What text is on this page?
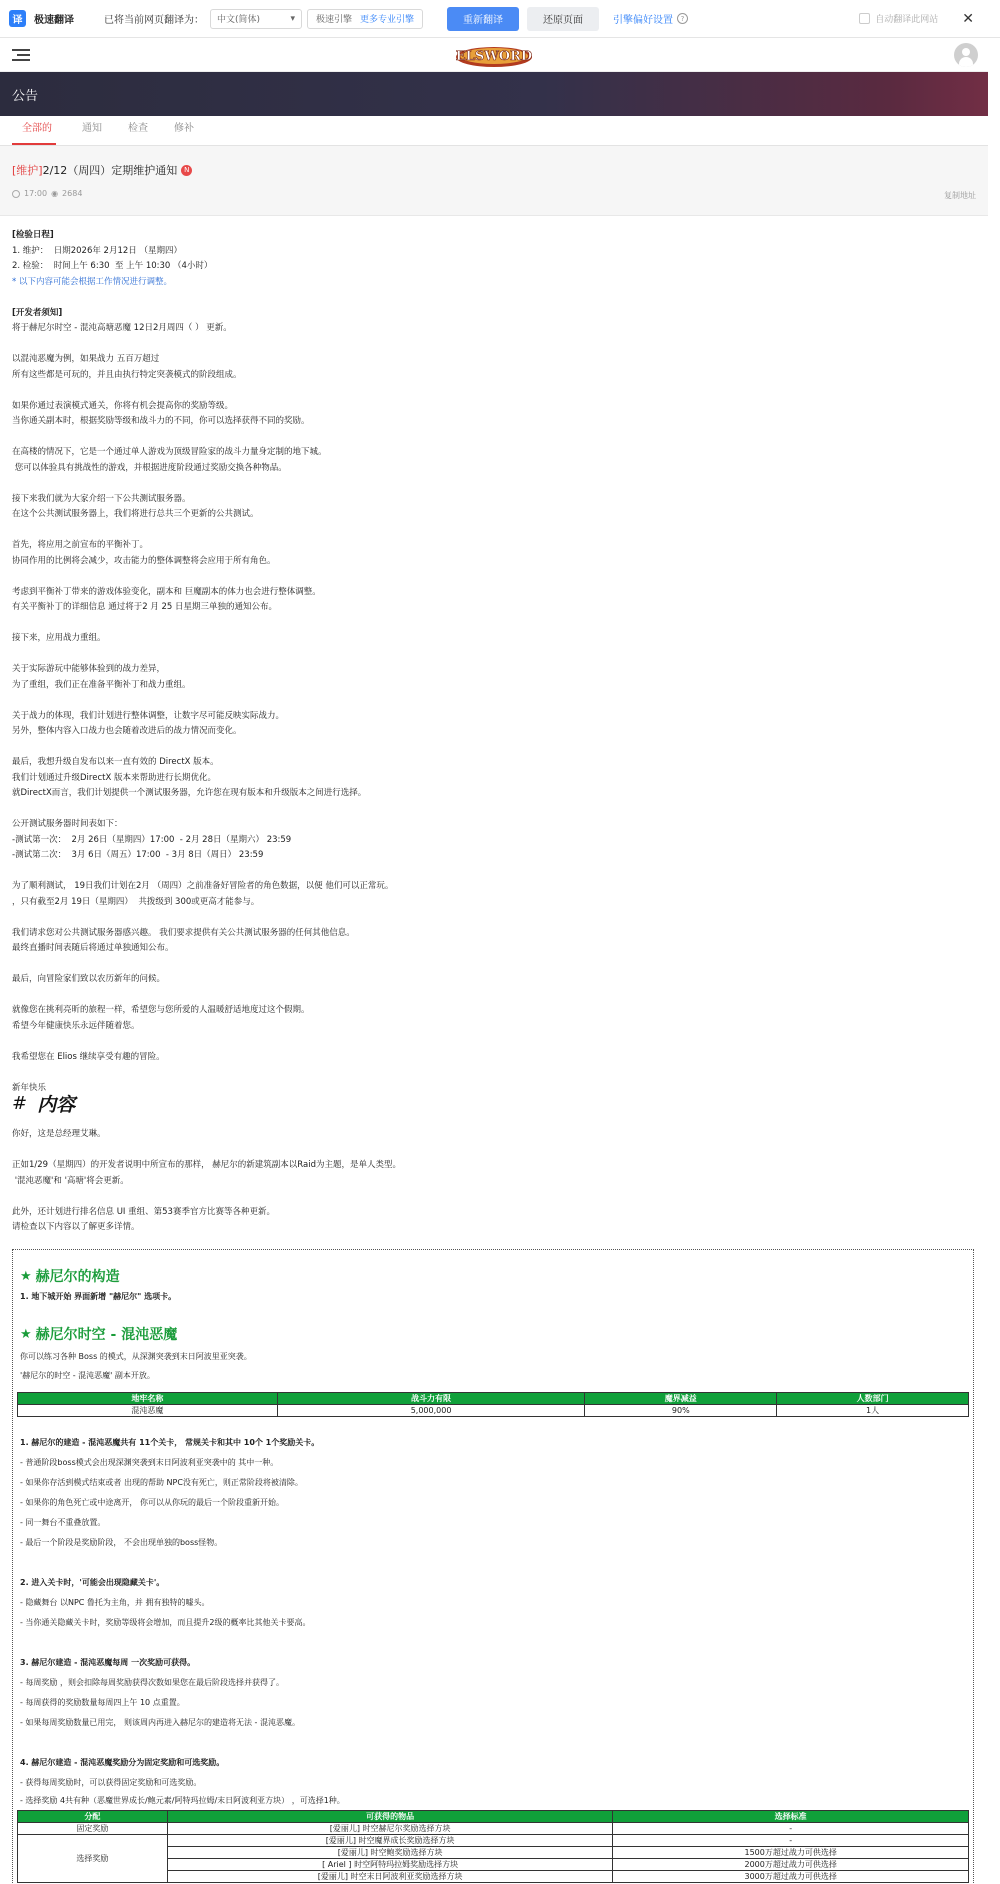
译	极速翻译	已将当前网页翻译为： 中文(简体)	▾ 极速引擎 更多专业引擎	重新翻译	还原页面	引擎偏好设置	?	自动翻译此网站 ✕
ELSWORD
公告
全部的	通知	检查	修补
[维护] 2/12（周四）定期维护通知 N
17:00 ◉ 2684	复制地址
[检验日程]
1. 维护：  日期2026年 2月12日 （星期四）
2. 检验：  时间上午 6:30  至 上午 10:30 （4小时）
* 以下内容可能会根据工作情况进行调整。
[开发者须知]
将于赫尼尔时空 - 混沌高塘恶魔 12日2月周四（ ） 更新。
以混沌恶魔为例，如果战力 五百万超过
所有这些都是可玩的，并且由执行特定突袭模式的阶段组成。
如果你通过表演模式通关，你将有机会提高你的奖励等级。
当你通关副本时，根据奖励等级和战斗力的不同，你可以选择获得不同的奖励。
在高楼的情况下，它是一个通过单人游戏为顶级冒险家的战斗力量身定制的地下城。
您可以体验具有挑战性的游戏，并根据进度阶段通过奖励交换各种物品。
接下来我们就为大家介绍一下公共测试服务器。
在这个公共测试服务器上，我们将进行总共三个更新的公共测试。
首先，将应用之前宣布的平衡补丁。
协同作用的比例将会减少，攻击能力的整体调整将会应用于所有角色。
考虑到平衡补丁带来的游戏体验变化，副本和 巨魔副本的体力也会进行整体调整。
有关平衡补丁的详细信息 通过将于2 月 25 日星期三单独的通知公布。
接下来，应用战力重组。
关于实际游玩中能够体验到的战力差异，
为了重组，我们正在准备平衡补丁和战力重组。
关于战力的体现，我们计划进行整体调整，让数字尽可能反映实际战力。
另外，整体内容入口战力也会随着改进后的战力情况而变化。
最后，我想升级自发布以来一直有效的 DirectX 版本。
我们计划通过升级DirectX 版本来帮助进行长期优化。
就DirectX而言，我们计划提供一个测试服务器，允许您在现有版本和升级版本之间进行选择。
公开测试服务器时间表如下：
-测试第一次：  2月 26日（星期四）17:00  - 2月 28日（星期六） 23:59
-测试第二次：  3月 6日（周五）17:00  - 3月 8日（周日） 23:59
为了顺利测试， 19日我们计划在2月 （周四）之前准备好冒险者的角色数据，以便 他们可以正常玩。
，只有截至2月 19日（星期四）  共拨级到 300或更高才能参与。
我们请求您对公共测试服务器感兴趣。 我们要求提供有关公共测试服务器的任何其他信息。
最终直播时间表随后将通过单独通知公布。
最后，向冒险家们致以农历新年的问候。
就像您在挑利亮昕的旅程一样，希望您与您所爱的人温暖舒适地度过这个假期。
希望今年健康快乐永远伴随着您。
我希望您在 Elios 继续享受有趣的冒险。
新年快乐
# 内容
你好，这是总经理艾琳。
正如1/29（星期四）的开发者说明中所宣布的那样， 赫尼尔的新建筑副本以Raid为主题，是单人类型。
'混沌恶魔'和 '高塘'将会更新。
此外，还计划进行排名信息 UI 重组、第53赛季官方比赛等各种更新。
请检查以下内容以了解更多详情。
★ 赫尼尔的构造
1. 地下城开始 界面新增 "赫尼尔" 选项卡。
★ 赫尼尔时空 - 混沌恶魔
你可以练习各种 Boss 的模式，从深渊突袭到末日阿波里亚突袭。
'赫尼尔的时空 - 混沌恶魔' 副本开放。
地牢名称	战斗力有限	魔界减益	人数部门
混沌恶魔	5,000,000	90%	1人
1. 赫尼尔的建造 - 混沌恶魔共有 11个关卡， 常规关卡和其中 10个 1个奖励关卡。
- 普通阶段boss模式会出现深渊突袭到末日阿波利亚突袭中的 其中一种。
- 如果你存活到模式结束或者 出现的帮助 NPC没有死亡，则正常阶段将被清除。
- 如果你的角色死亡或中途离开， 你可以从你玩的最后一个阶段重新开始。
- 同一舞台不重叠放置。
- 最后一个阶段是奖励阶段， 不会出现单独的boss怪物。
2. 进入关卡时，'可能会出现隐藏关卡'。
- 隐藏舞台 以NPC 鲁托为主角，并 拥有独特的噱头。
- 当你通关隐藏关卡时，奖励等级将会增加，而且提升2级的概率比其他关卡要高。
3. 赫尼尔建造 - 混沌恶魔每周 一次奖励可获得。
- 每周奖励 ，则会扣除每周奖励获得次数如果您在最后阶段选择并获得了。
- 每周获得的奖励数量每周四上午 10 点重置。
- 如果每周奖励数量已用完， 则该周内再进入赫尼尔的建造将无法 - 混沌恶魔。
4. 赫尼尔建造 - 混沌恶魔奖励分为固定奖励和可选奖励。
- 获得每周奖励时，可以获得固定奖励和可选奖励。
- 选择奖励 4共有种（恶魔世界成长/鲍元素/阿特玛拉姆/末日阿波利亚方块） ，可选择1种。
分配	可获得的物品	选择标准
固定奖励	[爱丽儿] 时空赫尼尔奖励选择方块	-
选择奖励	[爱丽儿] 时空魔界成长奖励选择方块	-
	[爱丽儿] 时空鲍奖励选择方块	1500万超过战力可供选择
	[ Ariel ] 时空阿特玛拉姆奖励选择方块	2000万超过战力可供选择
	[爱丽儿] 时空末日阿波利亚奖励选择方块	3000万超过战力可供选择
